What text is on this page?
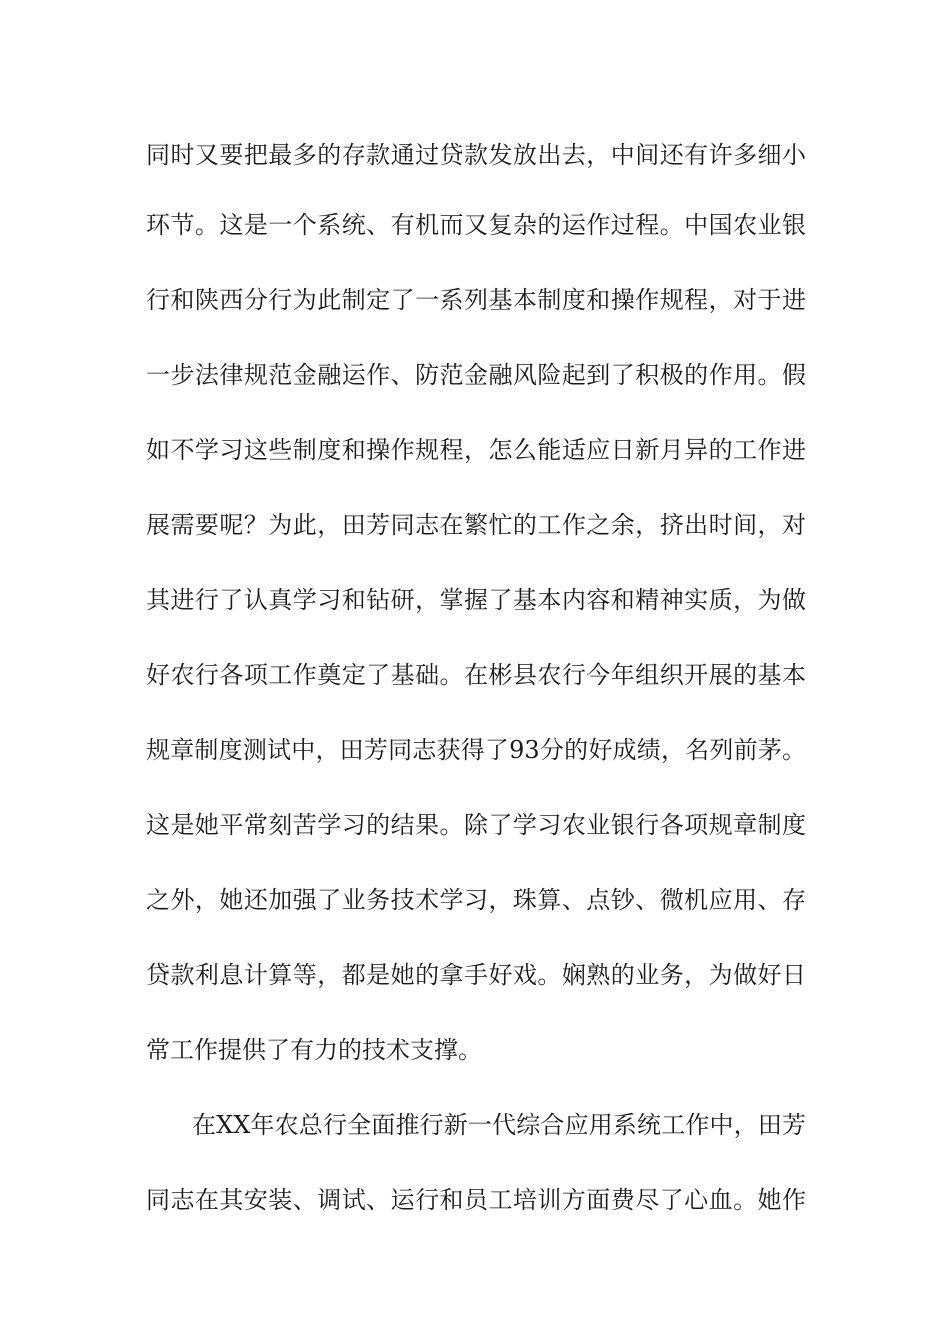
同时又要把最多的存款通过贷款发放出去，中间还有许多细小
环节。这是一个系统、有机而又复杂的运作过程。中国农业银
行和陕西分行为此制定了一系列基本制度和操作规程，对于进
一步法律规范金融运作、防范金融风险起到了积极的作用。假
如不学习这些制度和操作规程，怎么能适应日新月异的工作进
展需要呢？为此，田芳同志在繁忙的工作之余，挤出时间，对
其进行了认真学习和钻研，掌握了基本内容和精神实质，为做
好农行各项工作奠定了基础。在彬县农行今年组织开展的基本
规章制度测试中，田芳同志获得了93分的好成绩，名列前茅。
这是她平常刻苦学习的结果。除了学习农业银行各项规章制度
之外，她还加强了业务技术学习，珠算、点钞、微机应用、存
贷款利息计算等，都是她的拿手好戏。娴熟的业务，为做好日
常工作提供了有力的技术支撑。
在XX年农总行全面推行新一代综合应用系统工作中，田芳
同志在其安装、调试、运行和员工培训方面费尽了心血。她作
